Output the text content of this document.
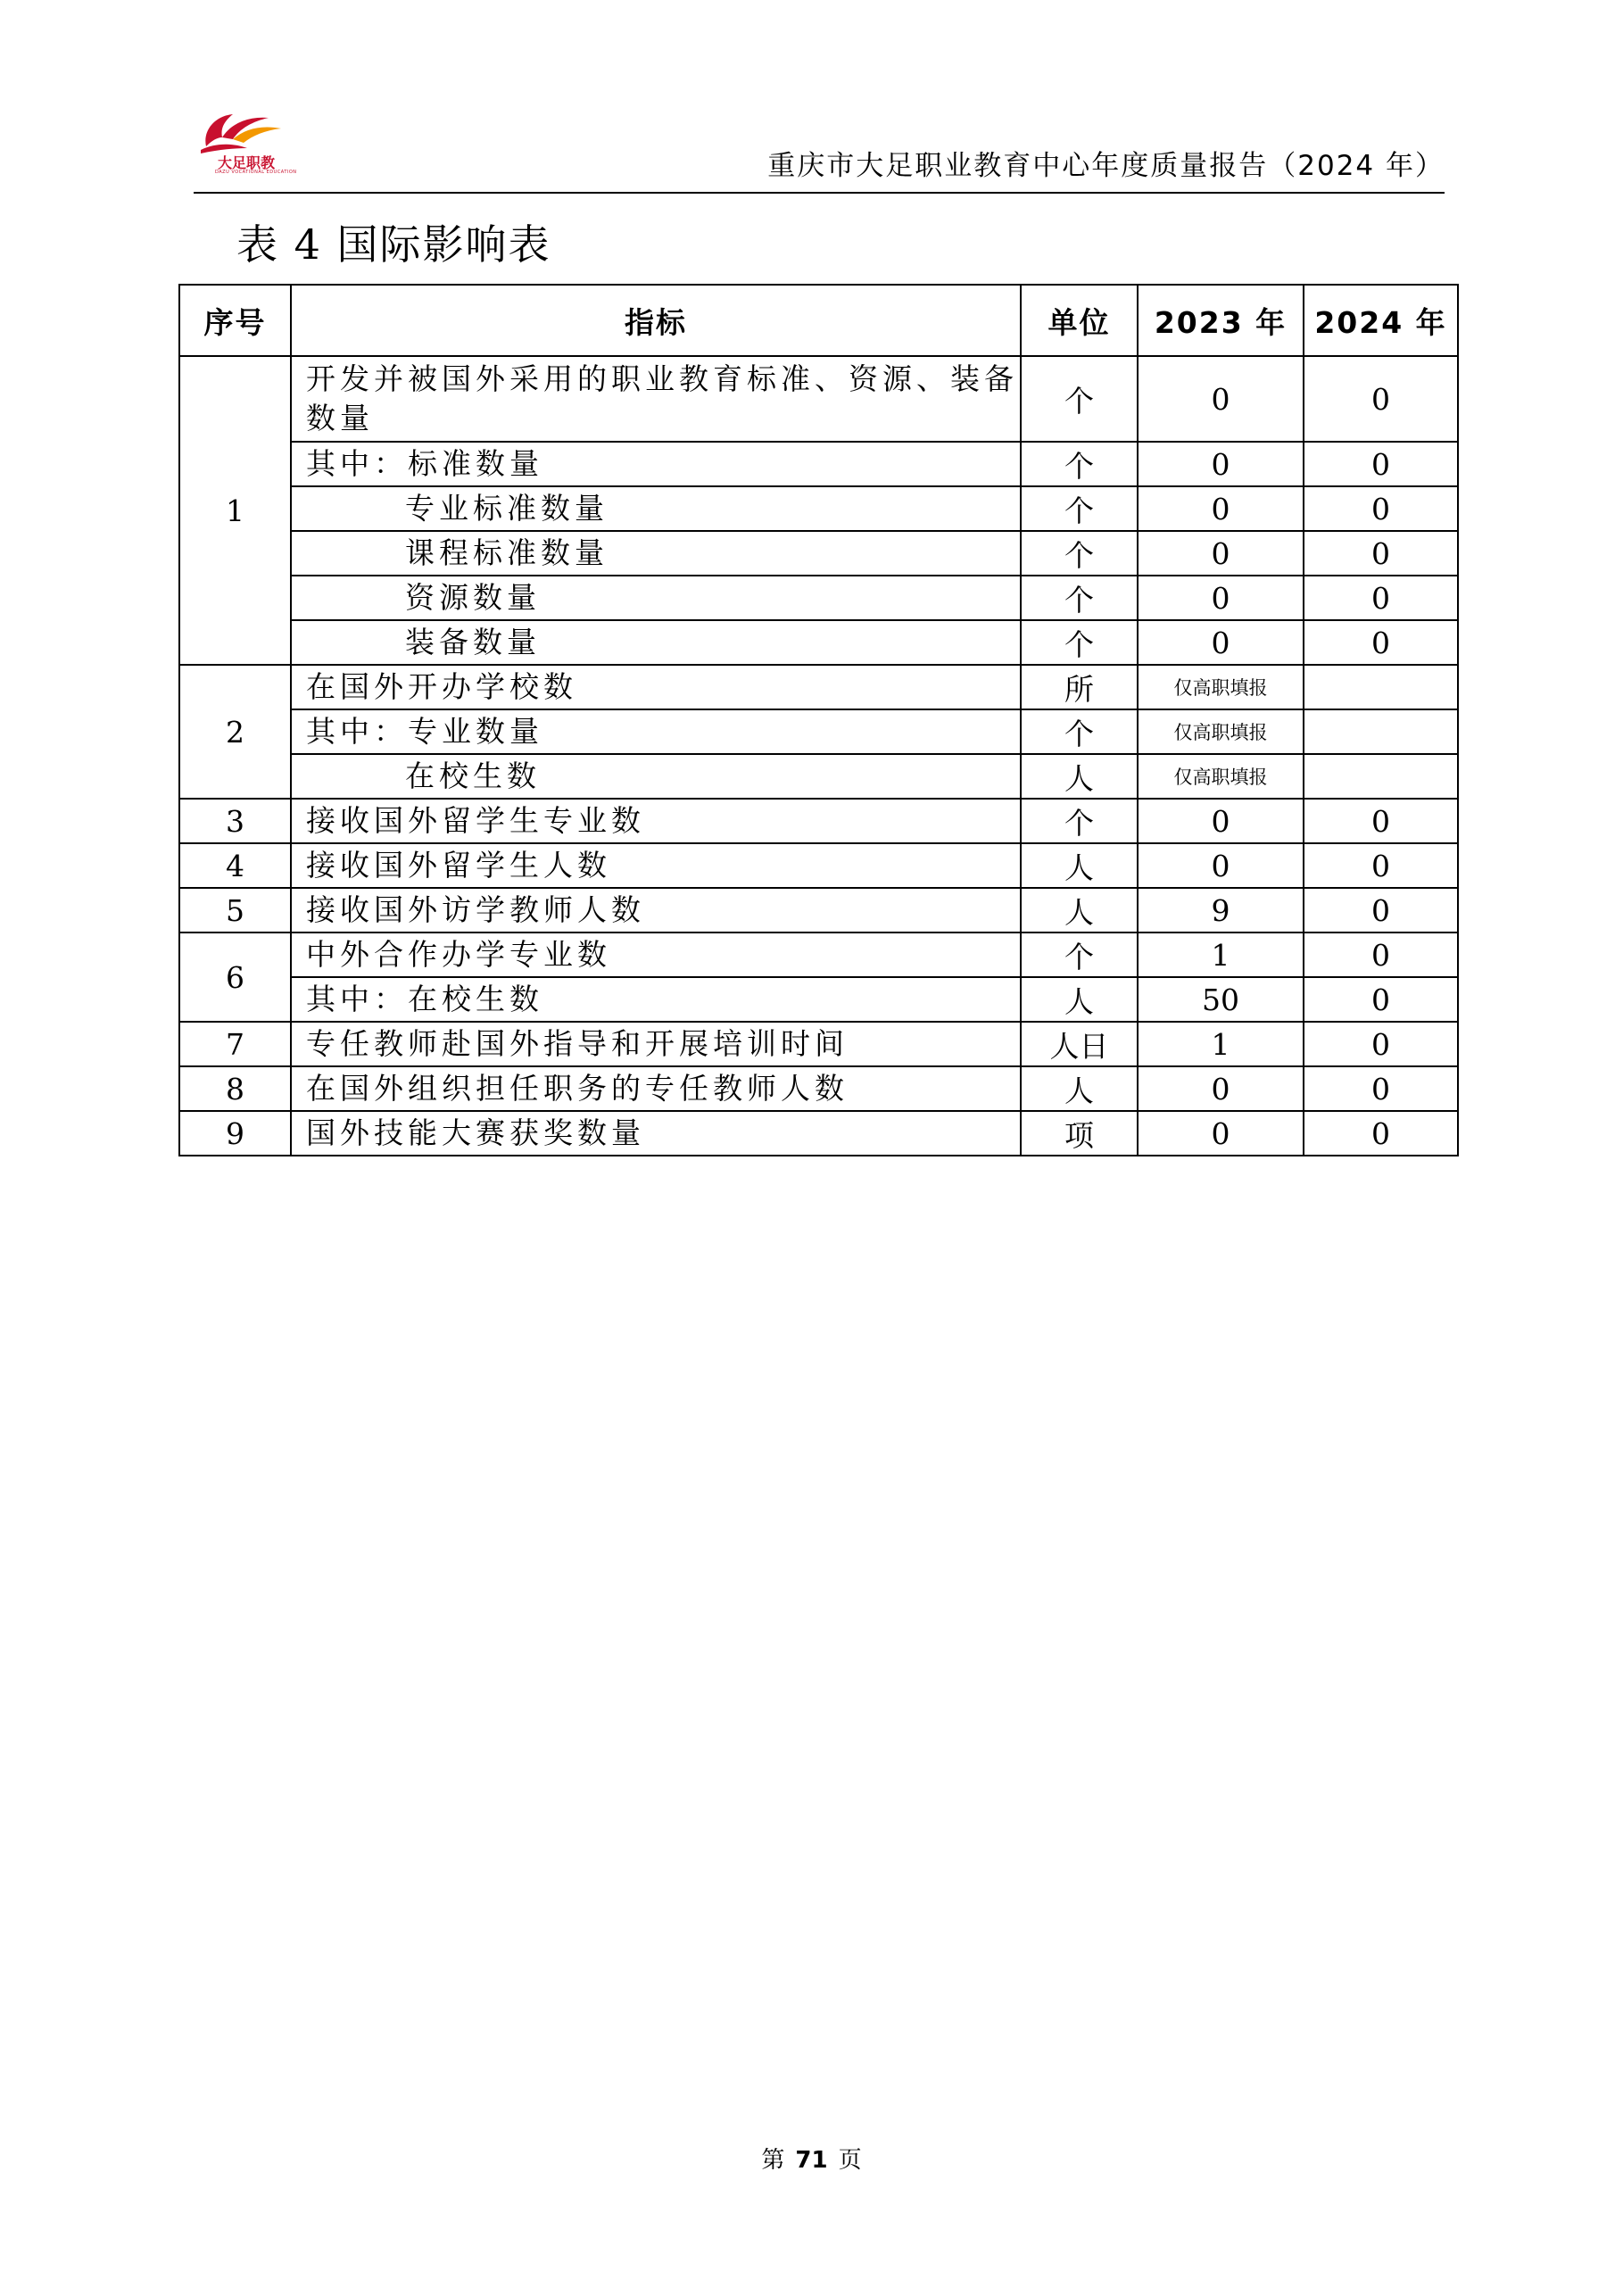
大足职教
DAZU VOCATIONAL EDUCATION	重庆市大足职业教育中心年度质量报告（2024 年）
表 4 国际影响表
序号	指标	单位	2023 年	2024 年
1	开发并被国外采用的职业教育标准、资源、装备数量	个	0	0
	其中：标准数量	个	0	0
	专业标准数量	个	0	0
	课程标准数量	个	0	0
	资源数量	个	0	0
	装备数量	个	0	0
2	在国外开办学校数	所	仅高职填报	
	其中：专业数量	个	仅高职填报	
	在校生数	人	仅高职填报	
3	接收国外留学生专业数	个	0	0
4	接收国外留学生人数	人	0	0
5	接收国外访学教师人数	人	9	0
6	中外合作办学专业数	个	1	0
	其中：在校生数	人	50	0
7	专任教师赴国外指导和开展培训时间	人日	1	0
8	在国外组织担任职务的专任教师人数	人	0	0
9	国外技能大赛获奖数量	项	0	0
第 71 页
